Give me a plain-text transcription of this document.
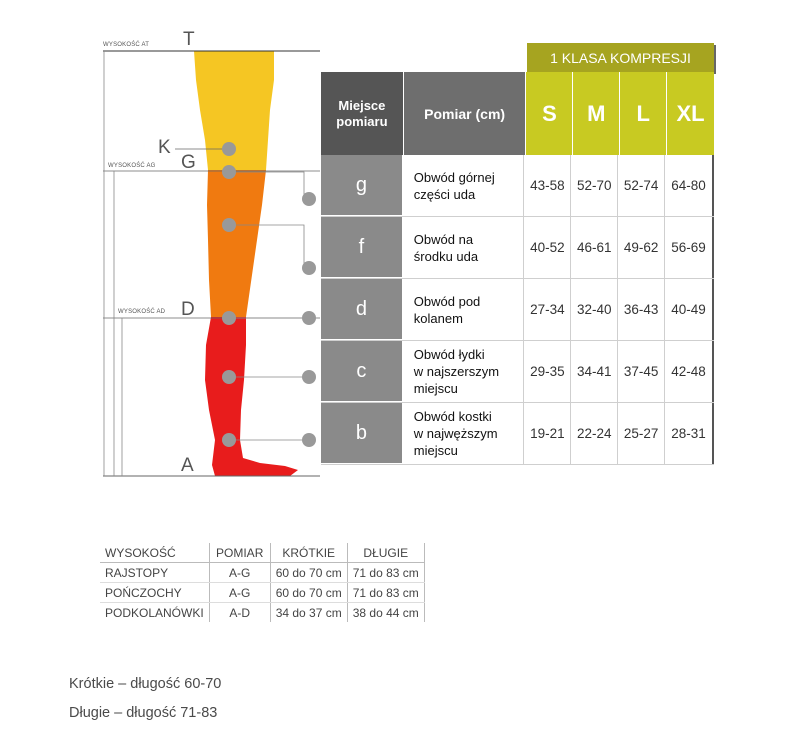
WYSOKOŚĆ AT
WYSOKOŚĆ AG
WYSOKOŚĆ AD
T
K
G
D
A
1 KLASA KOMPRESJI
Miejsce pomiaru	Pomiar (cm)	S	M	L	XL
g	Obwód górnej
części uda
43-58 52-70 52-74 64-80
f	Obwód na
środku uda
40-52 46-61 49-62 56-69
d	Obwód pod
kolanem
27-34 32-40 36-43 40-49
c
Obwód łydki
w najszerszym
miejscu
29-35 34-41 37-45 42-48
b
Obwód kostki
w najwęższym
miejscu
19-21 22-24 25-27 28-31
WYSOKOŚĆ	POMIAR	KRÓTKIE	DŁUGIE
RAJSTOPY	A-G	60 do 70 cm	71 do 83 cm
POŃCZOCHY	A-G	60 do 70 cm	71 do 83 cm
PODKOLANÓWKI	A-D	34 do 37 cm	38 do 44 cm
Krótkie – długość 60-70
Długie – długość 71-83
